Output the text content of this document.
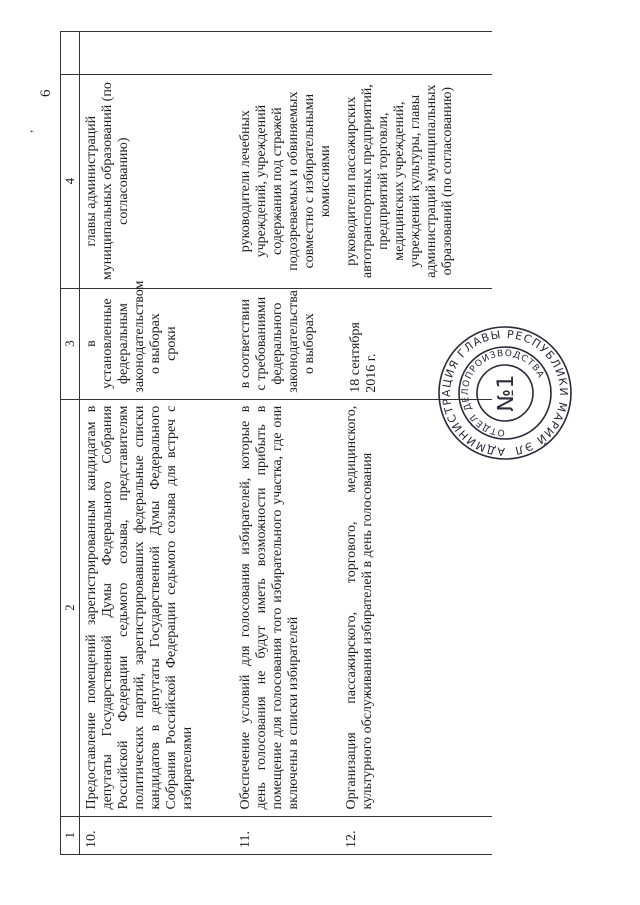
,
6
1	2	3	4	
10.	Предоставление помещений зарегистрированным кандидатам в депутаты Государственной Думы Федерального Собрания Российской Федерации седьмого созыва, представителям политических партий, зарегистрировавших федеральные списки кандидатов в депутаты Государственной Думы Федерального Собрания Российской Федерации седьмого созыва для встреч с избирателями	в установленные федеральным законодательством о выборах сроки	главы администраций муниципальных образований (по согласованию)	
11.	Обеспечение условий для голосования избирателей, которые в день голосования не будут иметь возможности прибыть в помещение для голосования того избирательного участка, где они включены в списки избирателей	в соответствии с требованиями федерального законодательства о выборах	руководители лечебных учреждений, учреждений содержания под стражей подозреваемых и обвиняемых совместно с избирательными комиссиями	
12.	Организация пассажирского, торгового, медицинского, культурного обслуживания избирателей в день голосования	18 сентября 2016 г.	руководители пассажирских автотранспортных предприятий, предприятий торговли, медицинских учреждений, учреждений культуры, главы администраций муниципальных образований (по согласованию)	
АДМИНИСТРАЦИЯ ГЛАВЫ РЕСПУБЛИКИ МАРИЙ ЭЛ
ОТДЕЛ ДЕЛОПРОИЗВОДСТВА
№1
